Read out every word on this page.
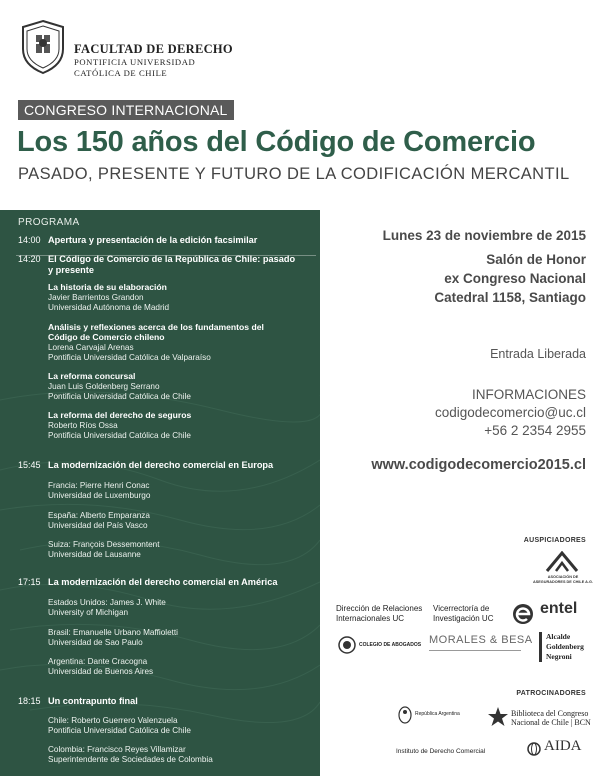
FACULTAD DE DERECHO
PONTIFICIA UNIVERSIDAD
CATÓLICA DE CHILE
CONGRESO INTERNACIONAL
Los 150 años del Código de Comercio
PASADO, PRESENTE Y FUTURO DE LA CODIFICACIÓN MERCANTIL
PROGRAMA
14:00 Apertura y presentación de la edición facsimilar
14:20 El Código de Comercio de la República de Chile: pasado y presente
La historia de su elaboración
Javier Barrientos Grandon
Universidad Autónoma de Madrid
Análisis y reflexiones acerca de los fundamentos del Código de Comercio chileno
Lorena Carvajal Arenas
Pontificia Universidad Católica de Valparaíso
La reforma concursal
Juan Luis Goldenberg Serrano
Pontificia Universidad Católica de Chile
La reforma del derecho de seguros
Roberto Ríos Ossa
Pontificia Universidad Católica de Chile
15:45 La modernización del derecho comercial en Europa
Francia: Pierre Henri Conac
Universidad de Luxemburgo
España: Alberto Emparanza
Universidad del País Vasco
Suiza: François Dessemontent
Universidad de Lausanne
17:15 La modernización del derecho comercial en América
Estados Unidos: James J. White
University of Michigan
Brasil: Emanuelle Urbano Maffioletti
Universidad de Sao Paulo
Argentina: Dante Cracogna
Universidad de Buenos Aires
18:15 Un contrapunto final
Chile: Roberto Guerrero Valenzuela
Pontificia Universidad Católica de Chile
Colombia: Francisco Reyes Villamizar
Superintendente de Sociedades de Colombia
Lunes 23 de noviembre de 2015
Salón de Honor
ex Congreso Nacional
Catedral 1158, Santiago
Entrada Liberada
INFORMACIONES
codigodecomercio@uc.cl
+56 2 2354 2955
www.codigodecomercio2015.cl
AUSPICIADORES
ASOCIACIÓN DE ASEGURADORES DE CHILE A.G.
Dirección de Relaciones
Internacionales UC
Vicerrectoría de
Investigación UC
entel
COLEGIO DE ABOGADOS MORALES & BESA Alcalde
Goldenberg
Negroni
PATROCINADORES
República Argentina	Biblioteca del Congreso
Nacional de Chile | BCN
Instituto de Derecho Comercial	AIDA
